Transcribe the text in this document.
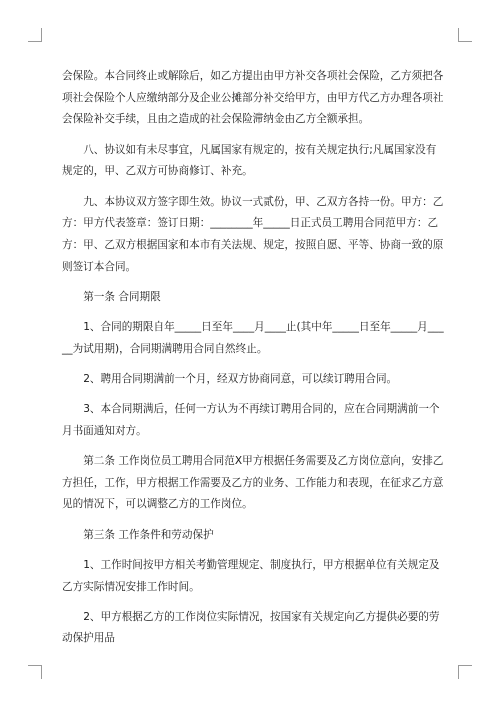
会保险。本合同终止或解除后，如乙方提出由甲方补交各项社会保险，乙方须把各项社会保险个人应缴纳部分及企业公摊部分补交给甲方，由甲方代乙方办理各项社会保险补交手续，且由之造成的社会保险滞纳金由乙方全额承担。

八、协议如有未尽事宜，凡属国家有规定的，按有关规定执行;凡属国家没有规定的，甲、乙双方可协商修订、补充。

九、本协议双方签字即生效。协议一式贰份，甲、乙双方各持一份。甲方：乙方：甲方代表签章：签订日期：________年_____日正式员工聘用合同范甲方：乙方：甲、乙双方根据国家和本市有关法规、规定，按照自愿、平等、协商一致的原则签订本合同。

第一条 合同期限

1、合同的期限自年_____日至年____月____止(其中年_____日至年_____月_____为试用期)，合同期满聘用合同自然终止。

2、聘用合同期满前一个月，经双方协商同意，可以续订聘用合同。

3、本合同期满后，任何一方认为不再续订聘用合同的，应在合同期满前一个月书面通知对方。

第二条 工作岗位员工聘用合同范X甲方根据任务需要及乙方岗位意向，安排乙方担任，工作，甲方根据工作需要及乙方的业务、工作能力和表现，在征求乙方意见的情况下，可以调整乙方的工作岗位。

第三条 工作条件和劳动保护

1、工作时间按甲方相关考勤管理规定、制度执行，甲方根据单位有关规定及乙方实际情况安排工作时间。

2、甲方根据乙方的工作岗位实际情况，按国家有关规定向乙方提供必要的劳动保护用品
